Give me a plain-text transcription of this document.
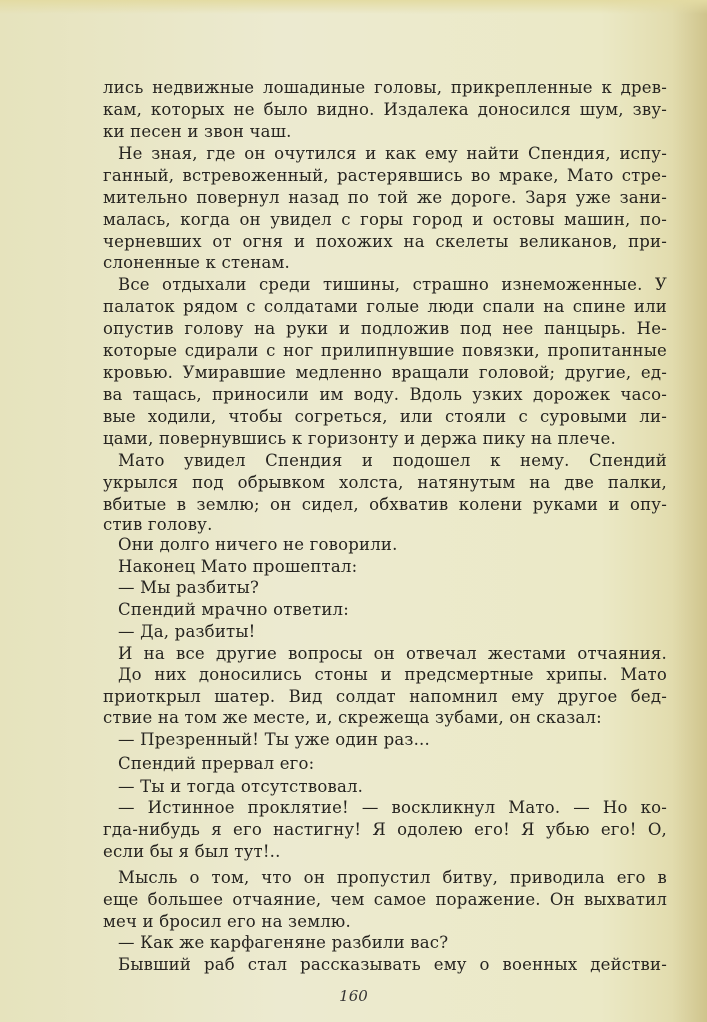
лись недвижные лошадиные головы, прикрепленные к древ-
кам, которых не было видно. Издалека доносился шум, зву-
ки песен и звон чаш.
Не зная, где он очутился и как ему найти Спендия, испу-
ганный, встревоженный, растерявшись во мраке, Мато стре-
мительно повернул назад по той же дороге. Заря уже зани-
малась, когда он увидел с горы город и остовы машин, по-
черневших от огня и похожих на скелеты великанов, при-
слоненные к стенам.
Все отдыхали среди тишины, страшно изнеможенные. У
палаток рядом с солдатами голые люди спали на спине или
опустив голову на руки и подложив под нее панцырь. Не-
которые сдирали с ног прилипнувшие повязки, пропитанные
кровью. Умиравшие медленно вращали головой; другие, ед-
ва тащась, приносили им воду. Вдоль узких дорожек часо-
вые ходили, чтобы согреться, или стояли с суровыми ли-
цами, повернувшись к горизонту и держа пику на плече.
Мато увидел Спендия и подошел к нему. Спендий
укрылся под обрывком холста, натянутым на две палки,
вбитые в землю; он сидел, обхватив колени руками и опу-
стив голову.
Они долго ничего не говорили.
Наконец Мато прошептал:
— Мы разбиты?
Спендий мрачно ответил:
— Да, разбиты!
И на все другие вопросы он отвечал жестами отчаяния.
До них доносились стоны и предсмертные хрипы. Мато
приоткрыл шатер. Вид солдат напомнил ему другое бед-
ствие на том же месте, и, скрежеща зубами, он сказал:
— Презренный! Ты уже один раз...
Спендий прервал его:
— Ты и тогда отсутствовал.
— Истинное проклятие! — воскликнул Мато. — Но ко-
гда-нибудь я его настигну! Я одолею его! Я убью его! О,
если бы я был тут!..
Мысль о том, что он пропустил битву, приводила его в
еще большее отчаяние, чем самое поражение. Он выхватил
меч и бросил его на землю.
— Как же карфагеняне разбили вас?
Бывший раб стал рассказывать ему о военных действи-
160
